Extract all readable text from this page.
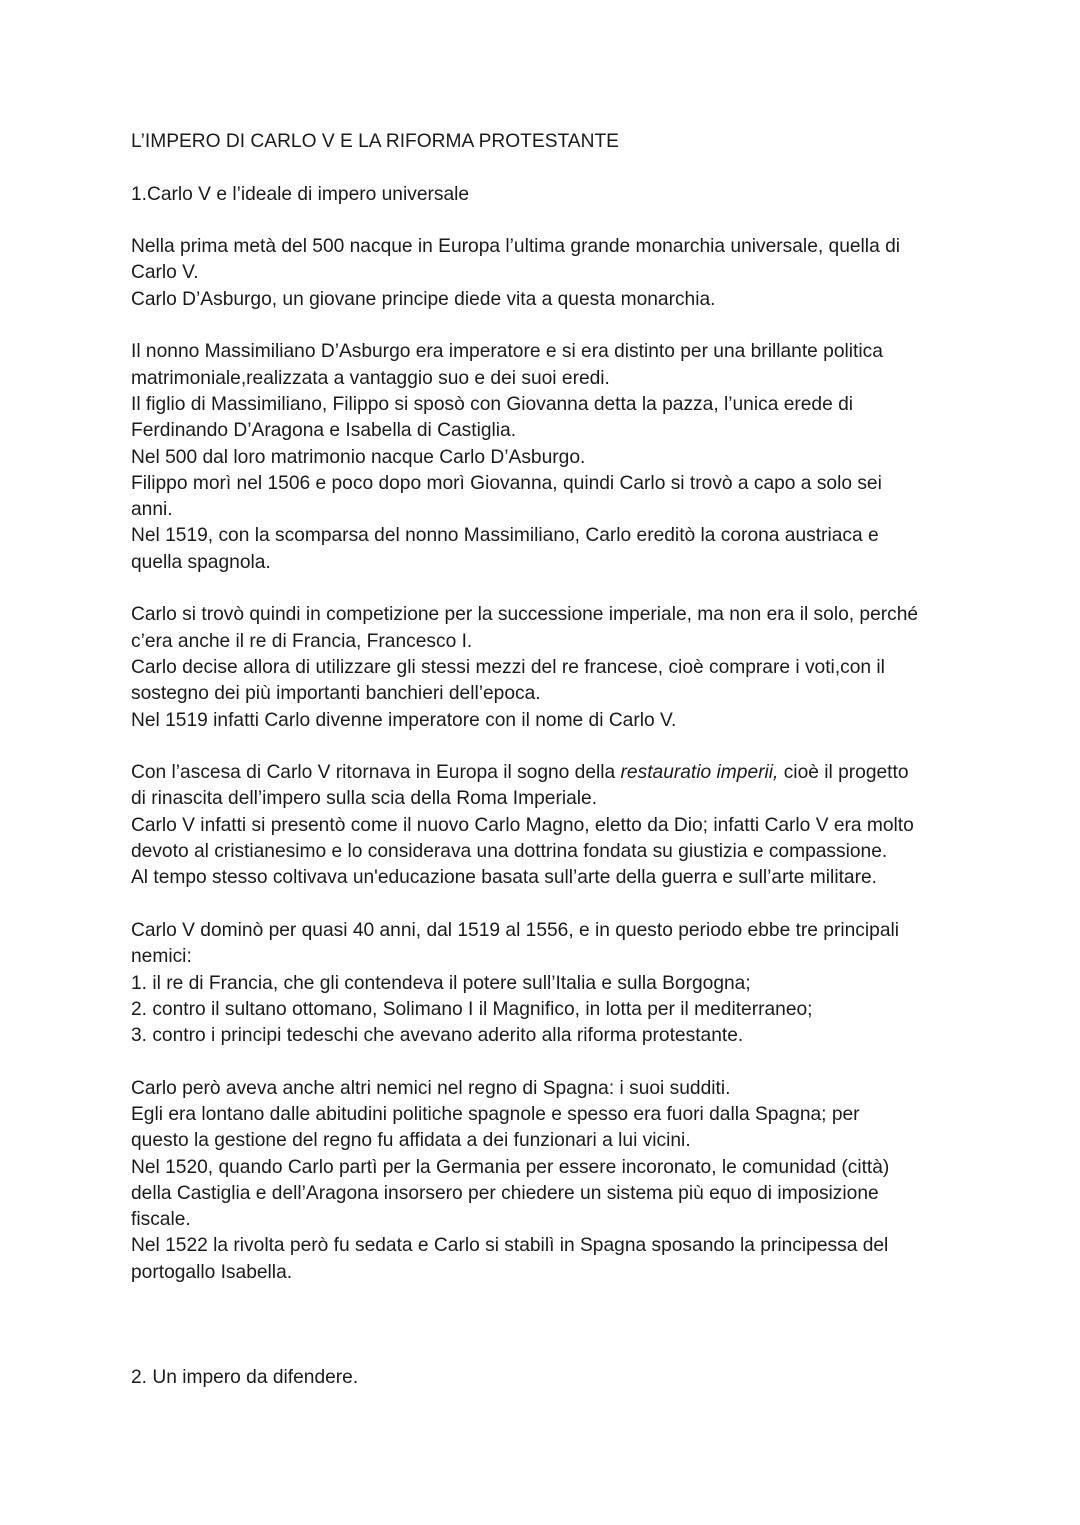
L’IMPERO DI CARLO V E LA RIFORMA PROTESTANTE
1.Carlo V e l’ideale di impero universale
Nella prima metà del 500 nacque in Europa l’ultima grande monarchia universale, quella di
Carlo V.
Carlo D’Asburgo, un giovane principe diede vita a questa monarchia.
Il nonno Massimiliano D’Asburgo era imperatore e si era distinto per una brillante politica
matrimoniale,realizzata a vantaggio suo e dei suoi eredi.
Il figlio di Massimiliano, Filippo si sposò con Giovanna detta la pazza, l’unica erede di
Ferdinando D’Aragona e Isabella di Castiglia.
Nel 500 dal loro matrimonio nacque Carlo D’Asburgo.
Filippo morì nel 1506 e poco dopo morì Giovanna, quindi Carlo si trovò a capo a solo sei
anni.
Nel 1519, con la scomparsa del nonno Massimiliano, Carlo ereditò la corona austriaca e
quella spagnola.
Carlo si trovò quindi in competizione per la successione imperiale, ma non era il solo, perché
c’era anche il re di Francia, Francesco I.
Carlo decise allora di utilizzare gli stessi mezzi del re francese, cioè comprare i voti,con il
sostegno dei più importanti banchieri dell’epoca.
Nel 1519 infatti Carlo divenne imperatore con il nome di Carlo V.
Con l’ascesa di Carlo V ritornava in Europa il sogno della restauratio imperii, cioè il progetto
di rinascita dell’impero sulla scia della Roma Imperiale.
Carlo V infatti si presentò come il nuovo Carlo Magno, eletto da Dio; infatti Carlo V era molto
devoto al cristianesimo e lo considerava una dottrina fondata su giustizia e compassione.
Al tempo stesso coltivava un'educazione basata sull’arte della guerra e sull’arte militare.
Carlo V dominò per quasi 40 anni, dal 1519 al 1556, e in questo periodo ebbe tre principali
nemici:
1. il re di Francia, che gli contendeva il potere sull’Italia e sulla Borgogna;
2. contro il sultano ottomano, Solimano I il Magnifico, in lotta per il mediterraneo;
3. contro i principi tedeschi che avevano aderito alla riforma protestante.
Carlo però aveva anche altri nemici nel regno di Spagna: i suoi sudditi.
Egli era lontano dalle abitudini politiche spagnole e spesso era fuori dalla Spagna; per
questo la gestione del regno fu affidata a dei funzionari a lui vicini.
Nel 1520, quando Carlo partì per la Germania per essere incoronato, le comunidad (città)
della Castiglia e dell’Aragona insorsero per chiedere un sistema più equo di imposizione
fiscale.
Nel 1522 la rivolta però fu sedata e Carlo si stabilì in Spagna sposando la principessa del
portogallo Isabella.
2. Un impero da difendere.
